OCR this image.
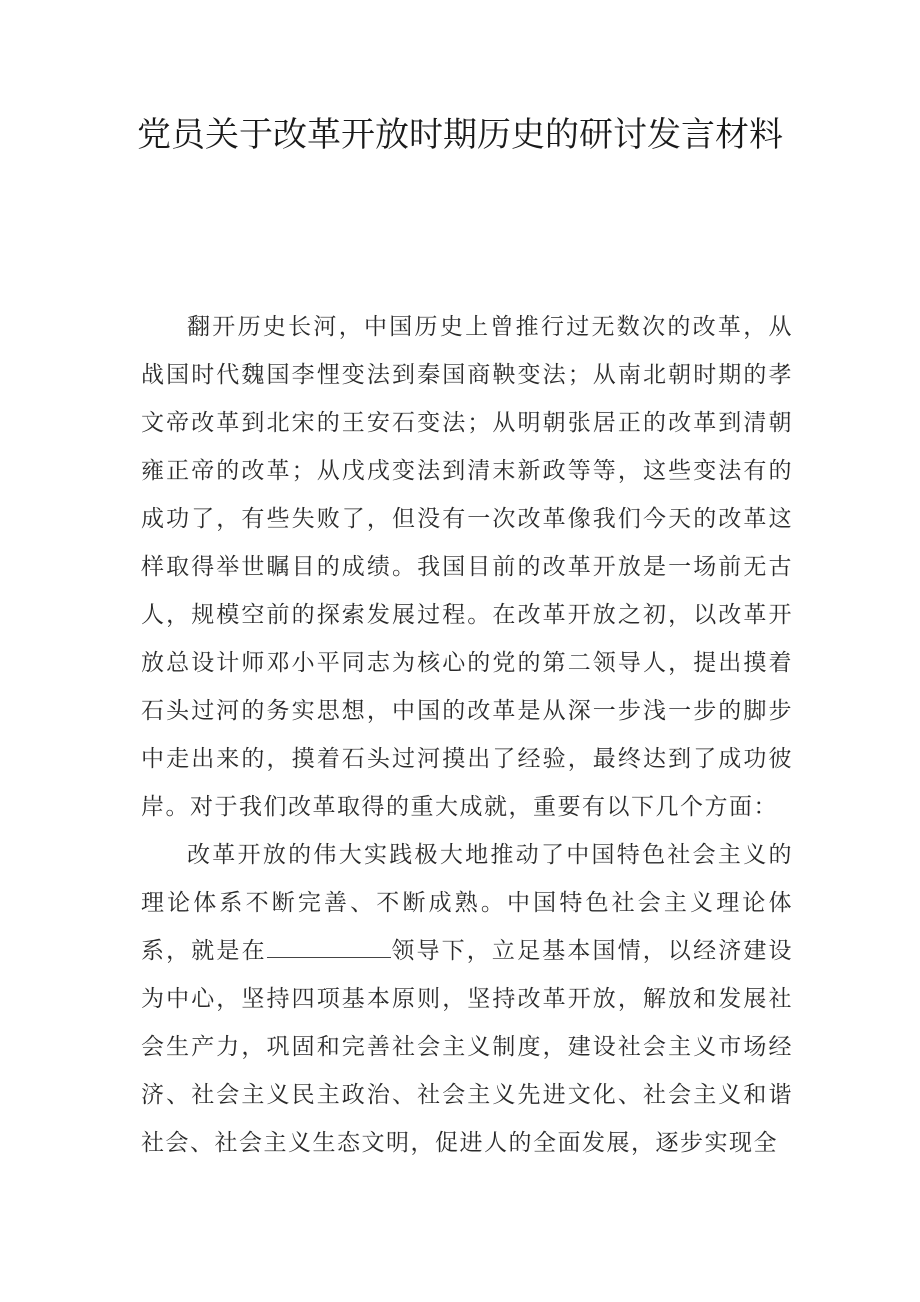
党员关于改革开放时期历史的研讨发言材料

翻开历史长河，中国历史上曾推行过无数次的改革，从战国时代魏国李悝变法到秦国商鞅变法；从南北朝时期的孝文帝改革到北宋的王安石变法；从明朝张居正的改革到清朝雍正帝的改革；从戊戌变法到清末新政等等，这些变法有的成功了，有些失败了，但没有一次改革像我们今天的改革这样取得举世瞩目的成绩。我国目前的改革开放是一场前无古人，规模空前的探索发展过程。在改革开放之初，以改革开放总设计师邓小平同志为核心的党的第二领导人，提出摸着石头过河的务实思想，中国的改革是从深一步浅一步的脚步中走出来的，摸着石头过河摸出了经验，最终达到了成功彼岸。对于我们改革取得的重大成就，重要有以下几个方面：

改革开放的伟大实践极大地推动了中国特色社会主义的理论体系不断完善、不断成熟。中国特色社会主义理论体系，就是在	领导下，立足基本国情，以经济建设为中心，坚持四项基本原则，坚持改革开放，解放和发展社会生产力，巩固和完善社会主义制度，建设社会主义市场经济、社会主义民主政治、社会主义先进文化、社会主义和谐社会、社会主义生态文明，促进人的全面发展，逐步实现全
